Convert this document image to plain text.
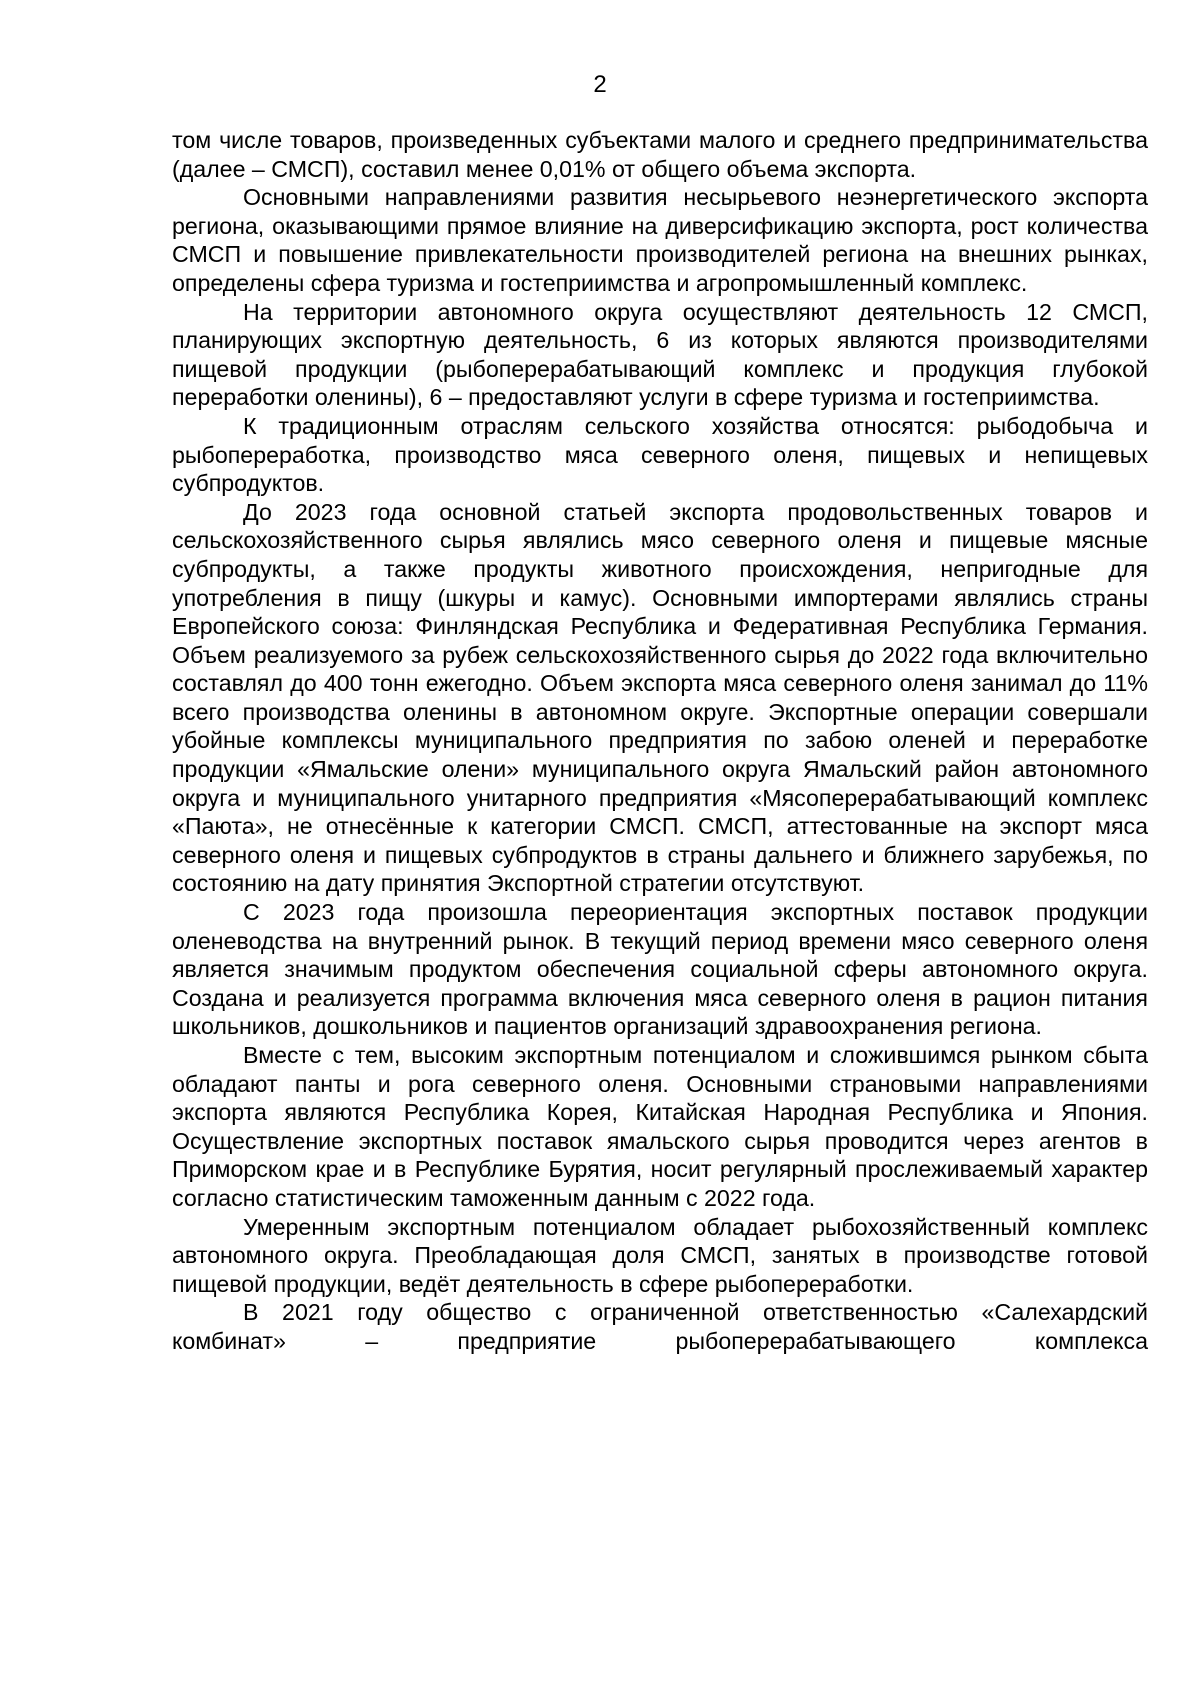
2

том числе товаров, произведенных субъектами малого и среднего предпринимательства (далее – СМСП), составил менее 0,01% от общего объема экспорта.

Основными направлениями развития несырьевого неэнергетического экспорта региона, оказывающими прямое влияние на диверсификацию экспорта, рост количества СМСП и повышение привлекательности производителей региона на внешних рынках, определены сфера туризма и гостеприимства и агропромышленный комплекс.

На территории автономного округа осуществляют деятельность 12 СМСП, планирующих экспортную деятельность, 6 из которых являются производителями пищевой продукции (рыбоперерабатывающий комплекс и продукция глубокой переработки оленины), 6 – предоставляют услуги в сфере туризма и гостеприимства.

К традиционным отраслям сельского хозяйства относятся: рыбодобыча и рыбопереработка, производство мяса северного оленя, пищевых и непищевых субпродуктов.

До 2023 года основной статьей экспорта продовольственных товаров и сельскохозяйственного сырья являлись мясо северного оленя и пищевые мясные субпродукты, а также продукты животного происхождения, непригодные для употребления в пищу (шкуры и камус). Основными импортерами являлись страны Европейского союза: Финляндская Республика и Федеративная Республика Германия. Объем реализуемого за рубеж сельскохозяйственного сырья до 2022 года включительно составлял до 400 тонн ежегодно. Объем экспорта мяса северного оленя занимал до 11% всего производства оленины в автономном округе. Экспортные операции совершали убойные комплексы муниципального предприятия по забою оленей и переработке продукции «Ямальские олени» муниципального округа Ямальский район автономного округа и муниципального унитарного предприятия «Мясоперерабатывающий комплекс «Паюта», не отнесённые к категории СМСП. СМСП, аттестованные на экспорт мяса северного оленя и пищевых субпродуктов в страны дальнего и ближнего зарубежья, по состоянию на дату принятия Экспортной стратегии отсутствуют.

С 2023 года произошла переориентация экспортных поставок продукции оленеводства на внутренний рынок. В текущий период времени мясо северного оленя является значимым продуктом обеспечения социальной сферы автономного округа. Создана и реализуется программа включения мяса северного оленя в рацион питания школьников, дошкольников и пациентов организаций здравоохранения региона.

Вместе с тем, высоким экспортным потенциалом и сложившимся рынком сбыта обладают панты и рога северного оленя. Основными страновыми направлениями экспорта являются Республика Корея, Китайская Народная Республика и Япония. Осуществление экспортных поставок ямальского сырья проводится через агентов в Приморском крае и в Республике Бурятия, носит регулярный прослеживаемый характер согласно статистическим таможенным данным с 2022 года.

Умеренным экспортным потенциалом обладает рыбохозяйственный комплекс автономного округа. Преобладающая доля СМСП, занятых в производстве готовой пищевой продукции, ведёт деятельность в сфере рыбопереработки.

В 2021 году общество с ограниченной ответственностью «Салехардский комбинат» – предприятие рыбоперерабатывающего комплекса
